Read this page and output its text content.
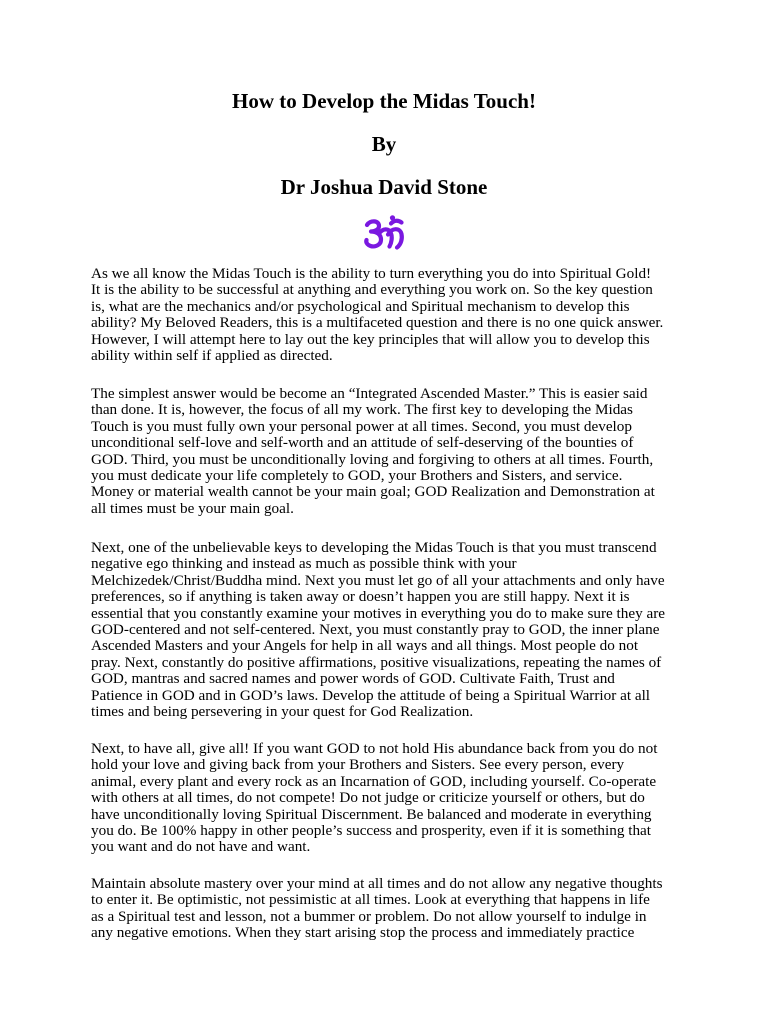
How to Develop the Midas Touch!
By
Dr Joshua David Stone
As we all know the Midas Touch is the ability to turn everything you do into Spiritual Gold!
It is the ability to be successful at anything and everything you work on. So the key question
is, what are the mechanics and/or psychological and Spiritual mechanism to develop this
ability? My Beloved Readers, this is a multifaceted question and there is no one quick answer.
However, I will attempt here to lay out the key principles that will allow you to develop this
ability within self if applied as directed.
The simplest answer would be become an “Integrated Ascended Master.” This is easier said
than done. It is, however, the focus of all my work. The first key to developing the Midas
Touch is you must fully own your personal power at all times. Second, you must develop
unconditional self-love and self-worth and an attitude of self-deserving of the bounties of
GOD. Third, you must be unconditionally loving and forgiving to others at all times. Fourth,
you must dedicate your life completely to GOD, your Brothers and Sisters, and service.
Money or material wealth cannot be your main goal; GOD Realization and Demonstration at
all times must be your main goal.
Next, one of the unbelievable keys to developing the Midas Touch is that you must transcend
negative ego thinking and instead as much as possible think with your
Melchizedek/Christ/Buddha mind. Next you must let go of all your attachments and only have
preferences, so if anything is taken away or doesn’t happen you are still happy. Next it is
essential that you constantly examine your motives in everything you do to make sure they are
GOD-centered and not self-centered. Next, you must constantly pray to GOD, the inner plane
Ascended Masters and your Angels for help in all ways and all things. Most people do not
pray. Next, constantly do positive affirmations, positive visualizations, repeating the names of
GOD, mantras and sacred names and power words of GOD. Cultivate Faith, Trust and
Patience in GOD and in GOD’s laws. Develop the attitude of being a Spiritual Warrior at all
times and being persevering in your quest for God Realization.
Next, to have all, give all! If you want GOD to not hold His abundance back from you do not
hold your love and giving back from your Brothers and Sisters. See every person, every
animal, every plant and every rock as an Incarnation of GOD, including yourself. Co-operate
with others at all times, do not compete! Do not judge or criticize yourself or others, but do
have unconditionally loving Spiritual Discernment. Be balanced and moderate in everything
you do. Be 100% happy in other people’s success and prosperity, even if it is something that
you want and do not have and want.
Maintain absolute mastery over your mind at all times and do not allow any negative thoughts
to enter it. Be optimistic, not pessimistic at all times. Look at everything that happens in life
as a Spiritual test and lesson, not a bummer or problem. Do not allow yourself to indulge in
any negative emotions. When they start arising stop the process and immediately practice
